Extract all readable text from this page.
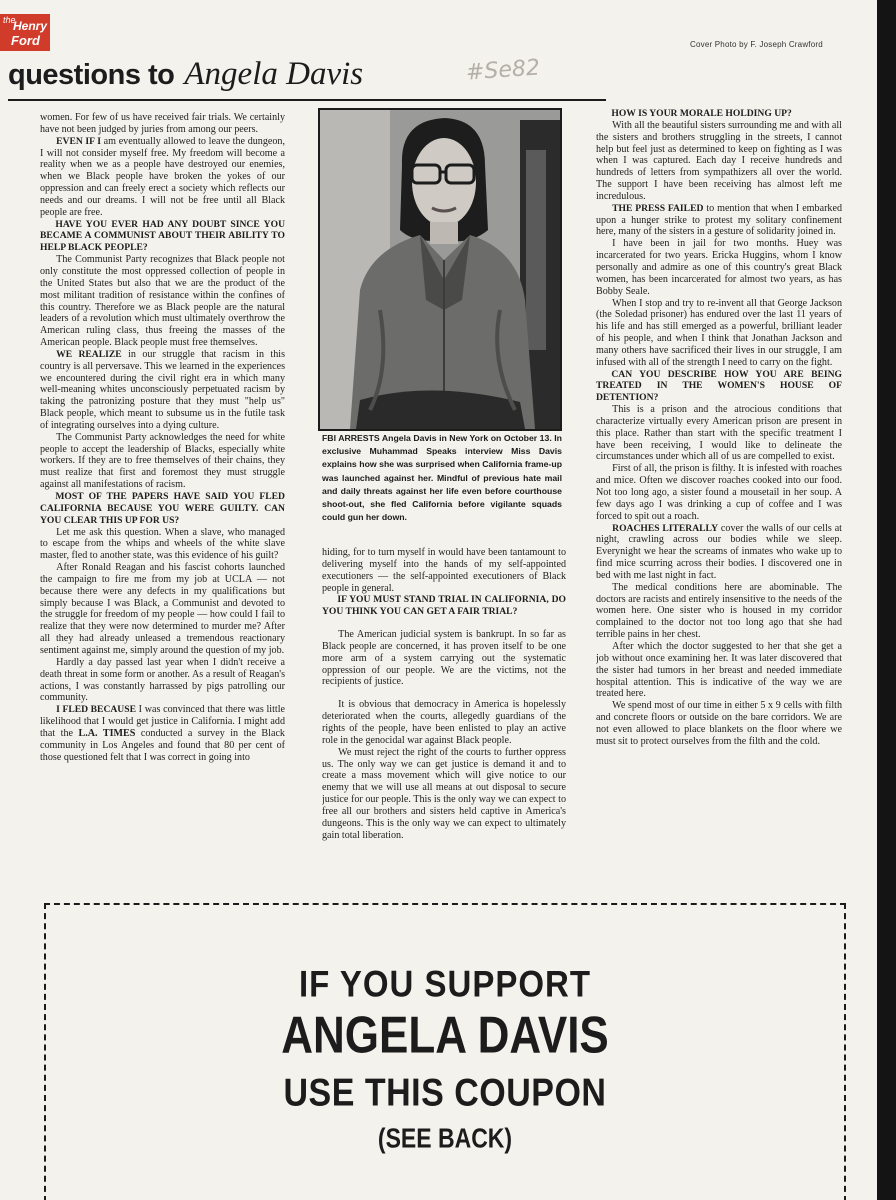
the
Henry
Ford	Cover Photo by F. Joseph Crawford
#Se82
questions to Angela Davis

women. For few of us have received fair trials. We certainly have not been judged by juries from among our peers.

EVEN IF I am eventually allowed to leave the dungeon, I will not consider myself free. My freedom will become a reality when we as a people have destroyed our enemies, when we Black people have broken the yokes of our oppression and can freely erect a society which reflects our needs and our dreams. I will not be free until all Black people are free.

HAVE YOU EVER HAD ANY DOUBT SINCE YOU BECAME A COMMUNIST ABOUT THEIR ABILITY TO HELP BLACK PEOPLE?

The Communist Party recognizes that Black people not only constitute the most oppressed collection of people in the United States but also that we are the product of the most militant tradition of resistance within the confines of this country. Therefore we as Black people are the natural leaders of a revolution which must ultimately overthrow the American ruling class, thus freeing the masses of the American people. Black people must free themselves.

WE REALIZE in our struggle that racism in this country is all perversave. This we learned in the experiences we encountered during the civil right era in which many well-meaning whites unconsciously perpetuated racism by taking the patronizing posture that they must "help us" Black people, which meant to subsume us in the futile task of integrating ourselves into a dying culture.

The Communist Party acknowledges the need for white people to accept the leadership of Blacks, especially white workers. If they are to free themselves of their chains, they must realize that first and foremost they must struggle against all manifestations of racism.

MOST OF THE PAPERS HAVE SAID YOU FLED CALIFORNIA BECAUSE YOU WERE GUILTY. CAN YOU CLEAR THIS UP FOR US?

Let me ask this question. When a slave, who managed to escape from the whips and wheels of the white slave master, fled to another state, was this evidence of his guilt?

After Ronald Reagan and his fascist cohorts launched the campaign to fire me from my job at UCLA — not because there were any defects in my qualifications but simply because I was Black, a Communist and devoted to the struggle for freedom of my people — how could I fail to realize that they were now determined to murder me? After all they had already unleased a tremendous reactionary sentiment against me, simply around the question of my job.

Hardly a day passed last year when I didn't receive a death threat in some form or another. As a result of Reagan's actions, I was constantly harrassed by pigs patrolling our community.

I FLED BECAUSE I was convinced that there was little likelihood that I would get justice in California. I might add that the L.A. TIMES conducted a survey in the Black community in Los Angeles and found that 80 per cent of those questioned felt that I was correct in going into

FBI ARRESTS Angela Davis in New York on October 13. In exclusive Muhammad Speaks interview Miss Davis explains how she was surprised when California frame-up was launched against her. Mindful of previous hate mail and daily threats against her life even before courthouse shoot-out, she fled California before vigilante squads could gun her down.

hiding, for to turn myself in would have been tantamount to delivering myself into the hands of my self-appointed executioners — the self-appointed executioners of Black people in general.

IF YOU MUST STAND TRIAL IN CALIFORNIA, DO YOU THINK YOU CAN GET A FAIR TRIAL?

The American judicial system is bankrupt. In so far as Black people are concerned, it has proven itself to be one more arm of a system carrying out the systematic oppression of our people. We are the victims, not the recipients of justice.

It is obvious that democracy in America is hopelessly deteriorated when the courts, allegedly guardians of the rights of the people, have been enlisted to play an active role in the genocidal war against Black people.

We must reject the right of the courts to further oppress us. The only way we can get justice is demand it and to create a mass movement which will give notice to our enemy that we will use all means at out disposal to secure justice for our people. This is the only way we can expect to free all our brothers and sisters held captive in America's dungeons. This is the only way we can expect to ultimately gain total liberation.

HOW IS YOUR MORALE HOLDING UP?

With all the beautiful sisters surrounding me and with all the sisters and brothers struggling in the streets, I cannot help but feel just as determined to keep on fighting as I was when I was captured. Each day I receive hundreds and hundreds of letters from sympathizers all over the world. The support I have been receiving has almost left me incredulous.

THE PRESS FAILED to mention that when I embarked upon a hunger strike to protest my solitary confinement here, many of the sisters in a gesture of solidarity joined in.

I have been in jail for two months. Huey was incarcerated for two years. Ericka Huggins, whom I know personally and admire as one of this country's great Black women, has been incarcerated for almost two years, as has Bobby Seale.

When I stop and try to re-invent all that George Jackson (the Soledad prisoner) has endured over the last 11 years of his life and has still emerged as a powerful, brilliant leader of his people, and when I think that Jonathan Jackson and many others have sacrificed their lives in our struggle, I am infused with all of the strength I need to carry on the fight.

CAN YOU DESCRIBE HOW YOU ARE BEING TREATED IN THE WOMEN'S HOUSE OF DETENTION?

This is a prison and the atrocious conditions that characterize virtually every American prison are present in this place. Rather than start with the specific treatment I have been receiving, I would like to delineate the circumstances under which all of us are compelled to exist.

First of all, the prison is filthy. It is infested with roaches and mice. Often we discover roaches cooked into our food. Not too long ago, a sister found a mousetail in her soup. A few days ago I was drinking a cup of coffee and I was forced to spit out a roach.

ROACHES LITERALLY cover the walls of our cells at night, crawling across our bodies while we sleep. Everynight we hear the screams of inmates who wake up to find mice scurring across their bodies. I discovered one in bed with me last night in fact.

The medical conditions here are abominable. The doctors are racists and entirely insensitive to the needs of the women here. One sister who is housed in my corridor complained to the doctor not too long ago that she had terrible pains in her chest.

After which the doctor suggested to her that she get a job without once examining her. It was later discovered that the sister had tumors in her breast and needed immediate hospital attention. This is indicative of the way we are treated here.

We spend most of our time in either 5 x 9 cells with filth and concrete floors or outside on the bare corridors. We are not even allowed to place blankets on the floor where we must sit to protect ourselves from the filth and the cold.

IF YOU SUPPORT
ANGELA DAVIS
USE THIS COUPON
(SEE BACK)
